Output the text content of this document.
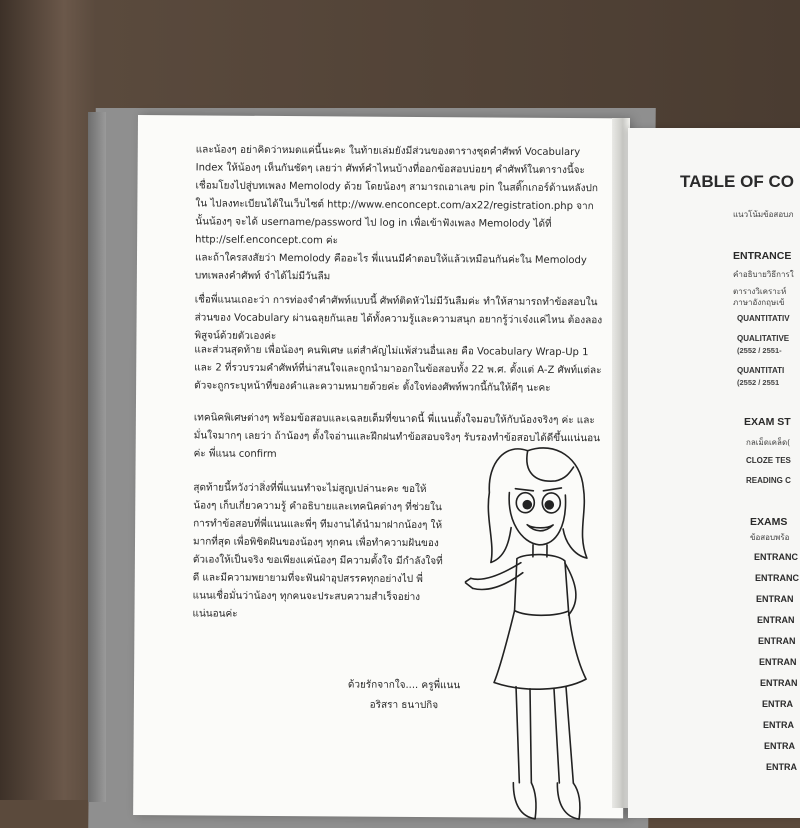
และน้องๆ อย่าคิดว่าหมดแค่นี้นะคะ ในท้ายเล่มยังมีส่วนของตารางชุดคำศัพท์ Vocabulary Index ให้น้องๆ เห็นกันชัดๆ เลยว่า ศัพท์คำไหนบ้างที่ออกข้อสอบบ่อยๆ คำศัพท์ในตารางนี้จะเชื่อมโยงไปสู่บทเพลง Memolody ด้วย โดยน้องๆ สามารถเอาเลข pin ในสติ๊กเกอร์ด้านหลังปกใน ไปลงทะเบียนได้ในเว็บไซต์ http://www.enconcept.com/ax22/registration.php จากนั้นน้องๆ จะได้ username/password ไป log in เพื่อเข้าฟังเพลง Memolody ได้ที่ http://self.enconcept.com ค่ะ

และถ้าใครสงสัยว่า Memolody คืออะไร พี่แนนมีคำตอบให้แล้วเหมือนกันค่ะใน Memolody บทเพลงคำศัพท์ จำได้ไม่มีวันลืม

เชื่อพี่แนนเถอะว่า การท่องจำคำศัพท์แบบนี้ ศัพท์ติดหัวไม่มีวันลืมค่ะ ทำให้สามารถทำข้อสอบในส่วนของ Vocabulary ผ่านฉลุยกันเลย ได้ทั้งความรู้และความสนุก อยากรู้ว่าเจ๋งแค่ไหน ต้องลองพิสูจน์ด้วยตัวเองค่ะ

และส่วนสุดท้าย เพื่อน้องๆ คนพิเศษ แต่สำคัญไม่แพ้ส่วนอื่นเลย คือ Vocabulary Wrap-Up 1 และ 2 ที่รวบรวมคำศัพท์ที่น่าสนใจและถูกนำมาออกในข้อสอบทั้ง 22 พ.ศ. ตั้งแต่ A-Z ศัพท์แต่ละตัวจะถูกระบุหน้าที่ของคำและความหมายด้วยค่ะ ตั้งใจท่องศัพท์พวกนี้กันให้ดีๆ นะคะ

เทคนิคพิเศษต่างๆ พร้อมข้อสอบและเฉลยเต็มที่ขนาดนี้ พี่แนนตั้งใจมอบให้กับน้องจริงๆ ค่ะ และมั่นใจมากๆ เลยว่า ถ้าน้องๆ ตั้งใจอ่านและฝึกฝนทำข้อสอบจริงๆ รับรองทำข้อสอบได้ดีขึ้นแน่นอนค่ะ พี่แนน confirm

สุดท้ายนี้หวังว่าสิ่งที่พี่แนนทำจะไม่สูญเปล่านะคะ ขอให้น้องๆ เก็บเกี่ยวความรู้ คำอธิบายและเทคนิคต่างๆ ที่ช่วยในการทำข้อสอบที่พี่แนนและพี่ๆ ทีมงานได้นำมาฝากน้องๆ ให้มากที่สุด เพื่อพิชิตฝันของน้องๆ ทุกคน เพื่อทำความฝันของตัวเองให้เป็นจริง ขอเพียงแค่น้องๆ มีความตั้งใจ มีกำลังใจที่ดี และมีความพยายามที่จะฟันฝ่าอุปสรรคทุกอย่างไป พี่แนนเชื่อมั่นว่าน้องๆ ทุกคนจะประสบความสำเร็จอย่างแน่นอนค่ะ

ด้วยรักจากใจ.... ครูพี่แนน

อริสรา ธนาปกิจ

TABLE OF CO
แนวโน้มข้อสอบภ
ENTRANCE
คำอธิบายวิธีการใ
ตารางวิเคราะห์
ภาษาอังกฤษเข้
QUANTITATIV
QUALITATIVE
(2552 / 2551-
QUANTITATI
(2552 / 2551
EXAM ST
กลเม็ดเคล็ด(
CLOZE TES
READING C
EXAMS
ข้อสอบพร้อ
ENTRANC
ENTRANC
ENTRAN
ENTRAN
ENTRAN
ENTRAN
ENTRAN
ENTRA
ENTRA
ENTRA
ENTRA
